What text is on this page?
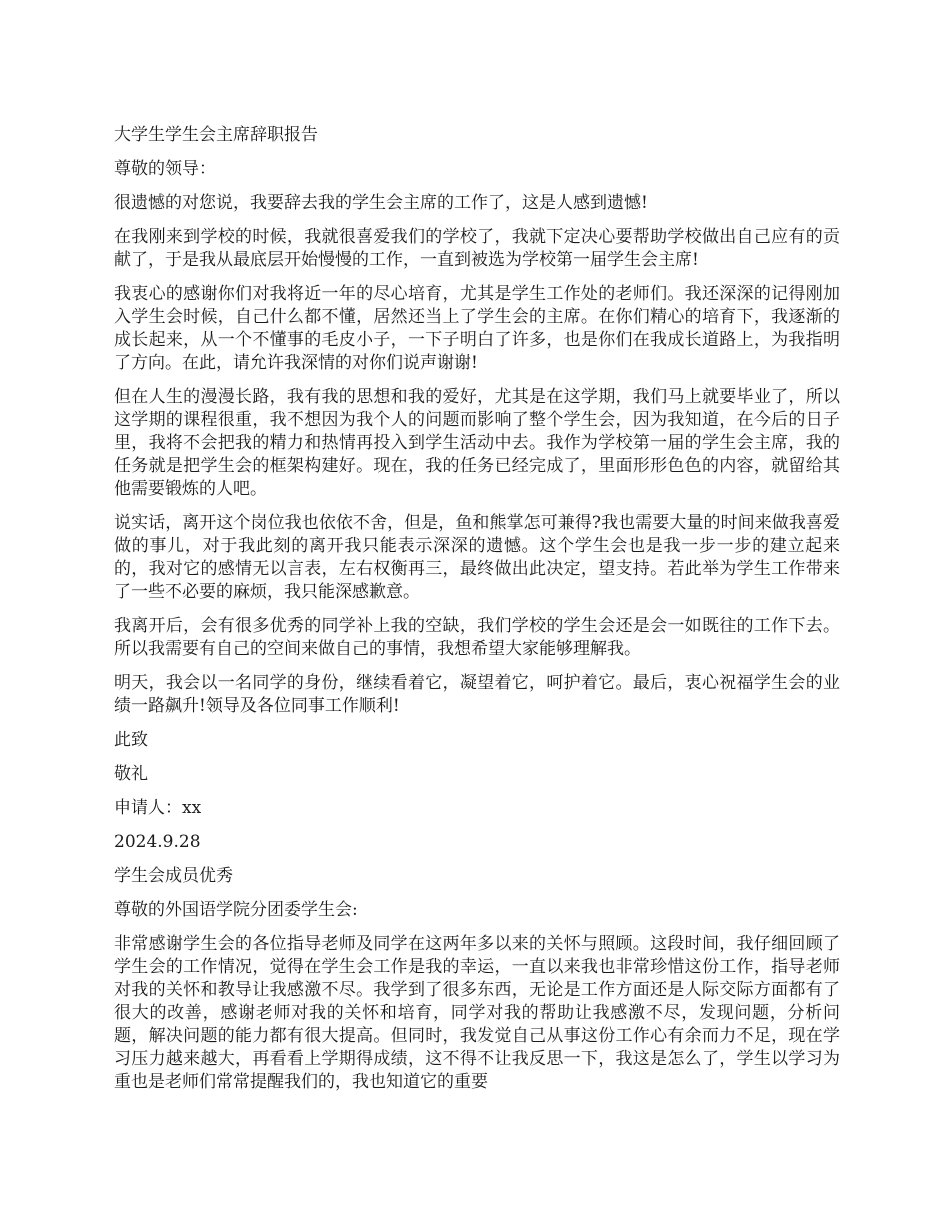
大学生学生会主席辞职报告

尊敬的领导：

很遗憾的对您说，我要辞去我的学生会主席的工作了，这是人感到遗憾!

在我刚来到学校的时候，我就很喜爱我们的学校了，我就下定决心要帮助学校做出自己应有的贡献了，于是我从最底层开始慢慢的工作，一直到被选为学校第一届学生会主席!

我衷心的感谢你们对我将近一年的尽心培育，尤其是学生工作处的老师们。我还深深的记得刚加入学生会时候，自己什么都不懂，居然还当上了学生会的主席。在你们精心的培育下，我逐渐的成长起来，从一个不懂事的毛皮小子，一下子明白了许多，也是你们在我成长道路上，为我指明了方向。在此，请允许我深情的对你们说声谢谢!

但在人生的漫漫长路，我有我的思想和我的爱好，尤其是在这学期，我们马上就要毕业了，所以这学期的课程很重，我不想因为我个人的问题而影响了整个学生会，因为我知道，在今后的日子里，我将不会把我的精力和热情再投入到学生活动中去。我作为学校第一届的学生会主席，我的任务就是把学生会的框架构建好。现在，我的任务已经完成了，里面形形色色的内容，就留给其他需要锻炼的人吧。

说实话，离开这个岗位我也依依不舍，但是，鱼和熊掌怎可兼得?我也需要大量的时间来做我喜爱做的事儿，对于我此刻的离开我只能表示深深的遗憾。这个学生会也是我一步一步的建立起来的，我对它的感情无以言表，左右权衡再三，最终做出此决定，望支持。若此举为学生工作带来了一些不必要的麻烦，我只能深感歉意。

我离开后，会有很多优秀的同学补上我的空缺，我们学校的学生会还是会一如既往的工作下去。所以我需要有自己的空间来做自己的事情，我想希望大家能够理解我。

明天，我会以一名同学的身份，继续看着它，凝望着它，呵护着它。最后，衷心祝福学生会的业绩一路飙升!领导及各位同事工作顺利!

此致

敬礼

申请人：xx

2024.9.28

学生会成员优秀

尊敬的外国语学院分团委学生会:

非常感谢学生会的各位指导老师及同学在这两年多以来的关怀与照顾。这段时间，我仔细回顾了学生会的工作情况，觉得在学生会工作是我的幸运，一直以来我也非常珍惜这份工作，指导老师对我的关怀和教导让我感激不尽。我学到了很多东西，无论是工作方面还是人际交际方面都有了很大的改善，感谢老师对我的关怀和培育，同学对我的帮助让我感激不尽，发现问题，分析问题，解决问题的能力都有很大提高。但同时，我发觉自己从事这份工作心有余而力不足，现在学习压力越来越大，再看看上学期得成绩，这不得不让我反思一下，我这是怎么了，学生以学习为重也是老师们常常提醒我们的，我也知道它的重要
